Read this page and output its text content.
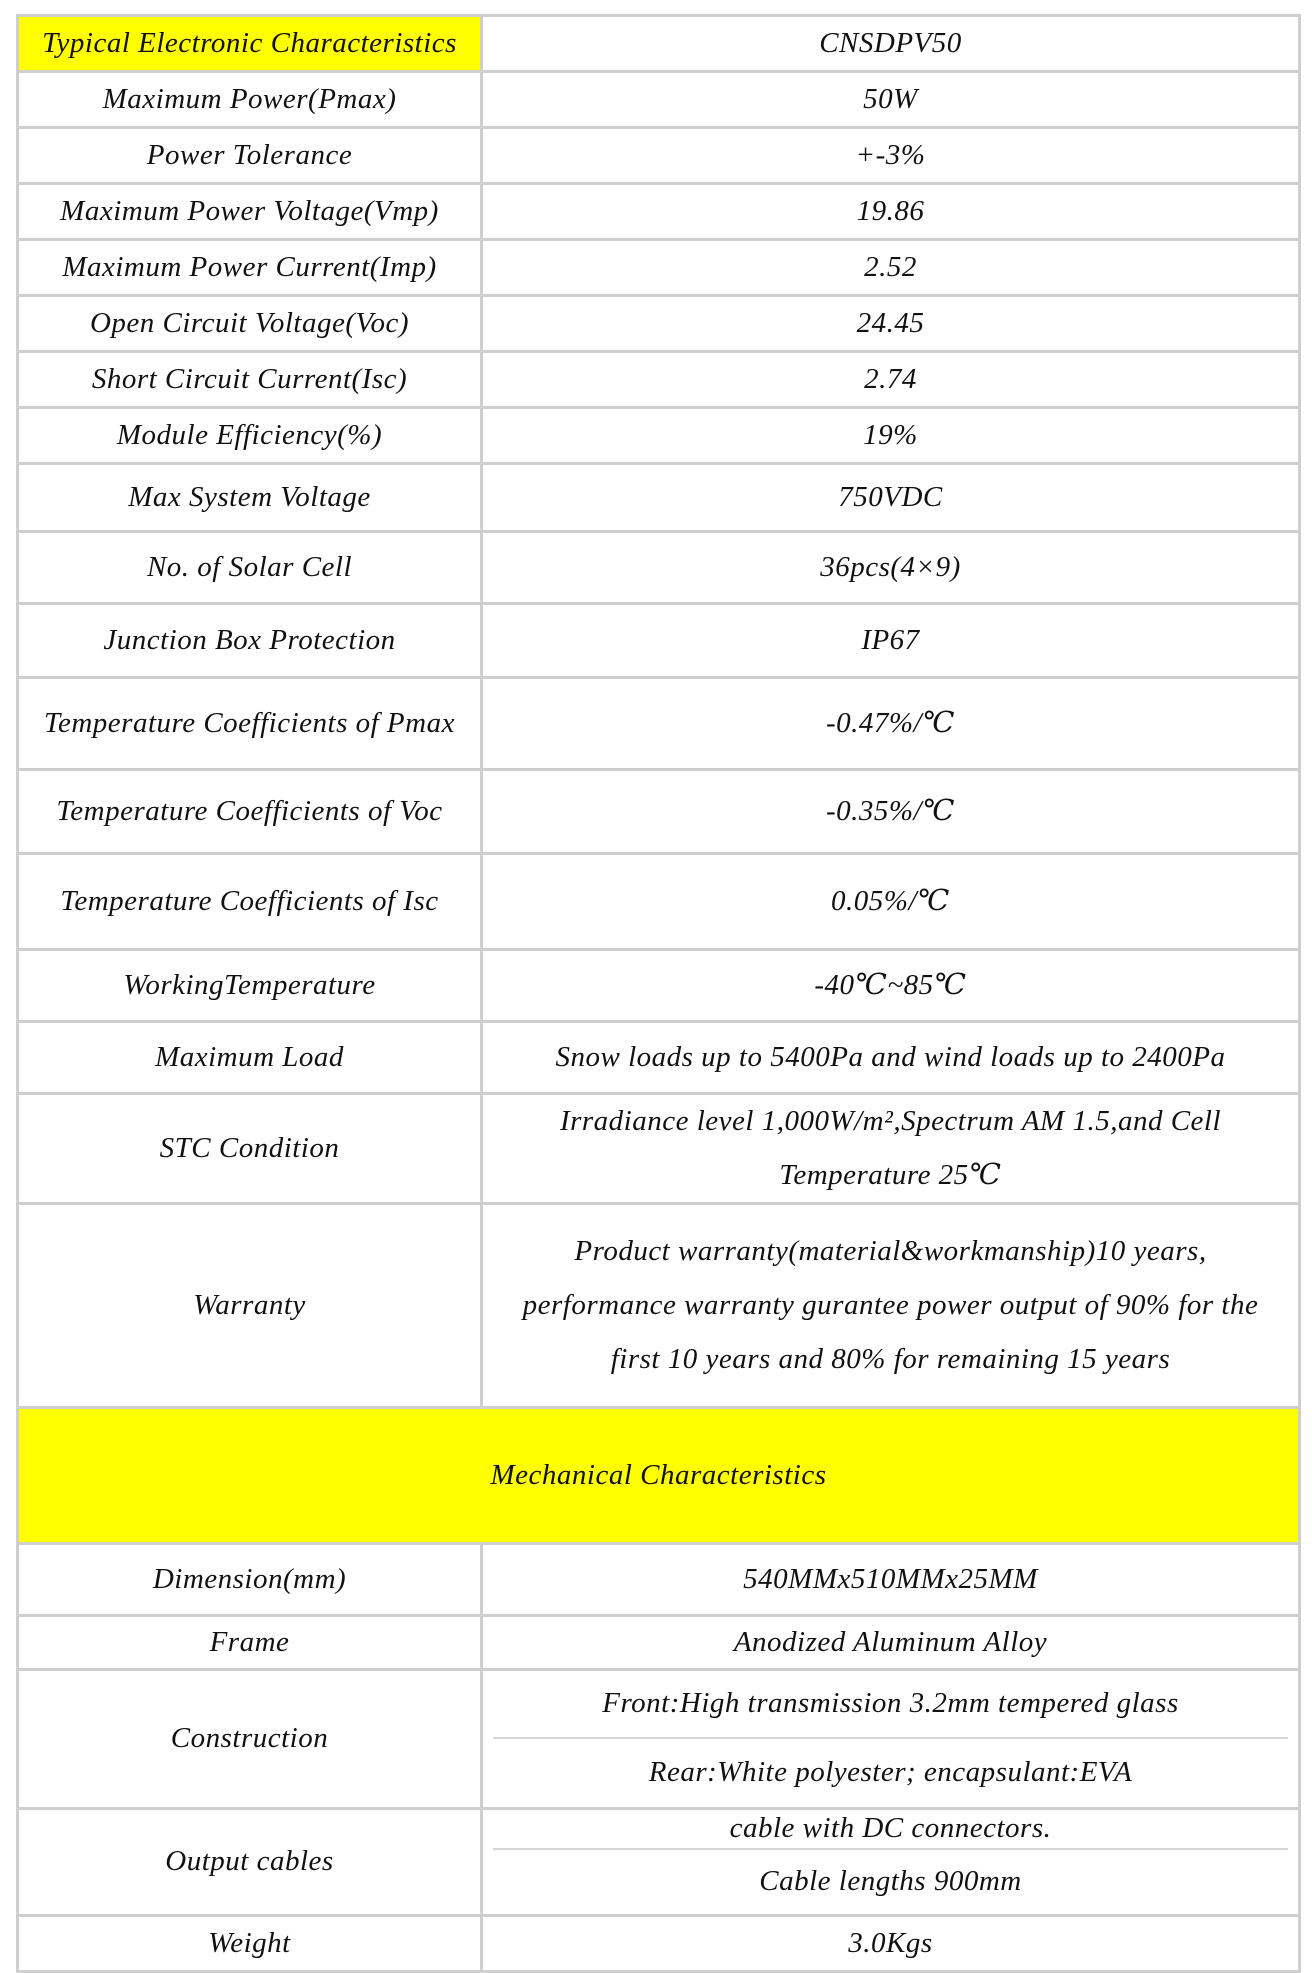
Typical Electronic Characteristics	CNSDPV50
Maximum Power(Pmax)	50W
Power Tolerance	+-3%
Maximum Power Voltage(Vmp)	19.86
Maximum Power Current(Imp)	2.52
Open Circuit Voltage(Voc)	24.45
Short Circuit Current(Isc)	2.74
Module Efficiency(%)	19%
Max System Voltage	750VDC
No. of Solar Cell	36pcs(4×9)
Junction Box Protection	IP67
Temperature Coefficients of Pmax	-0.47%/℃
Temperature Coefficients of Voc	-0.35%/℃
Temperature Coefficients of Isc	0.05%/℃
WorkingTemperature	-40℃~85℃
Maximum Load	Snow loads up to 5400Pa and wind loads up to 2400Pa
STC Condition	Irradiance level 1,000W/m²,Spectrum AM 1.5,and Cell
Temperature 25℃

Warranty	Product warranty(material&workmanship)10 years,
performance warranty gurantee power output of 90% for the
first 10 years and 80% for remaining 15 years

Mechanical Characteristics	
Dimension(mm)	540MMx510MMx25MM
Frame	Anodized Aluminum Alloy
Construction	Front:High transmission 3.2mm tempered glass
Rear:White polyester; encapsulant:EVA

Output cables	cable with DC connectors.
Cable lengths 900mm

Weight	3.0Kgs
